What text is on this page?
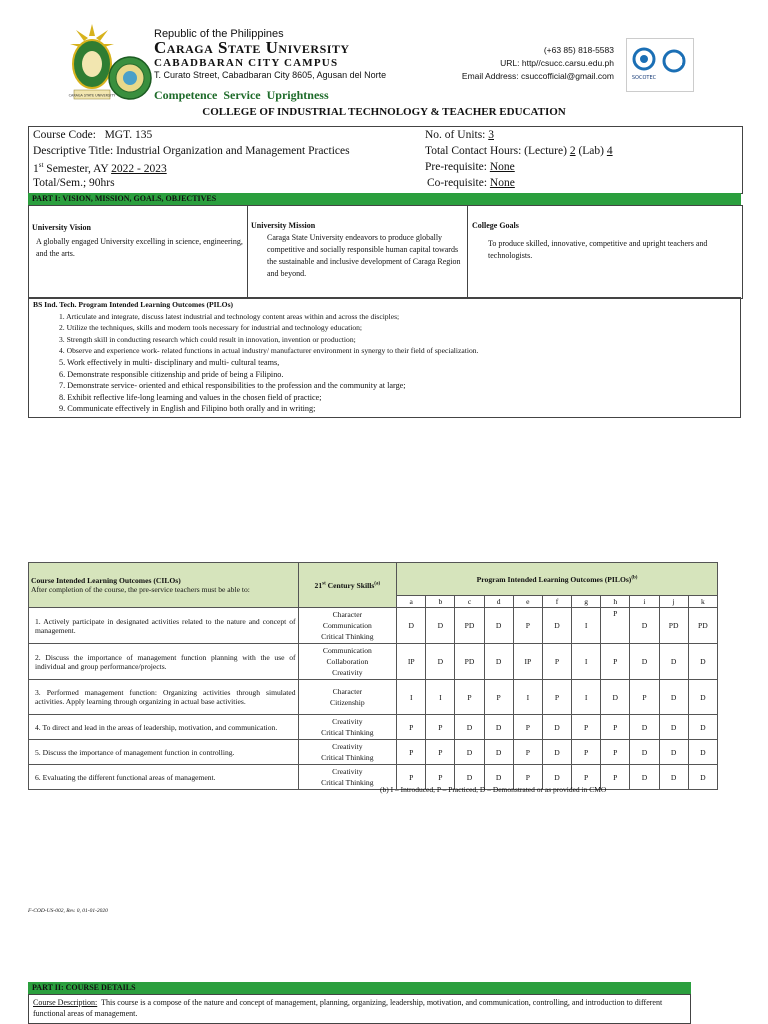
CARAGA STATE UNIVERSITY
Republic of the Philippines
Caraga State University
CABADBARAN CITY CAMPUS
T. Curato Street, Cabadbaran City 8605, Agusan del Norte
Competence Service Uprightness
(+63 85) 818-5583
URL: http//csucc.carsu.edu.ph
Email Address: csuccofficial@gmail.com	SOCOTEC
COLLEGE OF INDUSTRIAL TECHNOLOGY & TEACHER EDUCATION
Course Code: MGT. 135
Descriptive Title: Industrial Organization and Management Practices
1st Semester, AY 2022 - 2023
Total/Sem.; 90hrs
No. of Units: 3
Total Contact Hours: (Lecture) 2 (Lab) 4
Pre-requisite: None
Co-requisite: None
PART I: VISION, MISSION, GOALS, OBJECTIVES
University Vision
A globally engaged University excelling in science, engineering, and the arts.
University Mission
Caraga State University endeavors to produce globally competitive and socially responsible human capital towards the sustainable and inclusive development of Caraga Region and beyond.
College Goals
To produce skilled, innovative, competitive and upright teachers and technologists.
BS Ind. Tech. Program Intended Learning Outcomes (PILOs)
1. Articulate and integrate, discuss latest industrial and technology content areas within and across the disciples;
2. Utilize the techniques, skills and modern tools necessary for industrial and technology education;
3. Strength skill in conducting research which could result in innovation, invention or production;
4. Observe and experience work- related functions in actual industry/ manufacturer environment in synergy to their field of specialization.
5. Work effectively in multi- disciplinary and multi- cultural teams,
6. Demonstrate responsible citizenship and pride of being a Filipino.
7. Demonstrate service- oriented and ethical responsibilities to the profession and the community at large;
8. Exhibit reflective life-long learning and values in the chosen field of practice;
9. Communicate effectively in English and Filipino both orally and in writing;
Course Intended Learning Outcomes (CILOs)
After completion of the course, the pre-service teachers must be able to:	21st Century Skills$^{(a)}$	Program Intended Learning Outcomes (PILOs)$^{(b)}$
		a	b	c	d	e	f	g	h	i	j	k
1. Actively participate in designated activities related to the nature and concept of management.	Character
Communication
Critical Thinking	D	D	PD	D	P	D	I	P	D	PD	PD
2. Discuss the importance of management function planning with the use of individual and group performance/projects.	Communication
Collaboration
Creativity	IP	D	PD	D	IP	P	I	P	D	D	D
3. Performed management function: Organizing activities through simulated activities. Apply learning through organizing in actual base activities.	Character
Citizenship	I	I	P	P	I	P	I	D	P	D	D
4. To direct and lead in the areas of leadership, motivation, and communication.	Creativity
Critical Thinking	P	P	D	D	P	D	P	P	D	D	D
5. Discuss the importance of management function in controlling.	Creativity
Critical Thinking	P	P	D	D	P	D	P	P	D	D	D
6. Evaluating the different functional areas of management.	Creativity
Critical Thinking	P	P	D	D	P	D	P	P	D	D	D
(b) I – Introduced, P – Practiced, D – Demonstrated or as provided in CMO
F-COD-US-002, Rev. 0, 01-01-2020
PART II: COURSE DETAILS
Course Description: This course is a compose of the nature and concept of management, planning, organizing, leadership, motivation, and communication, controlling, and introduction to different functional areas of management.
